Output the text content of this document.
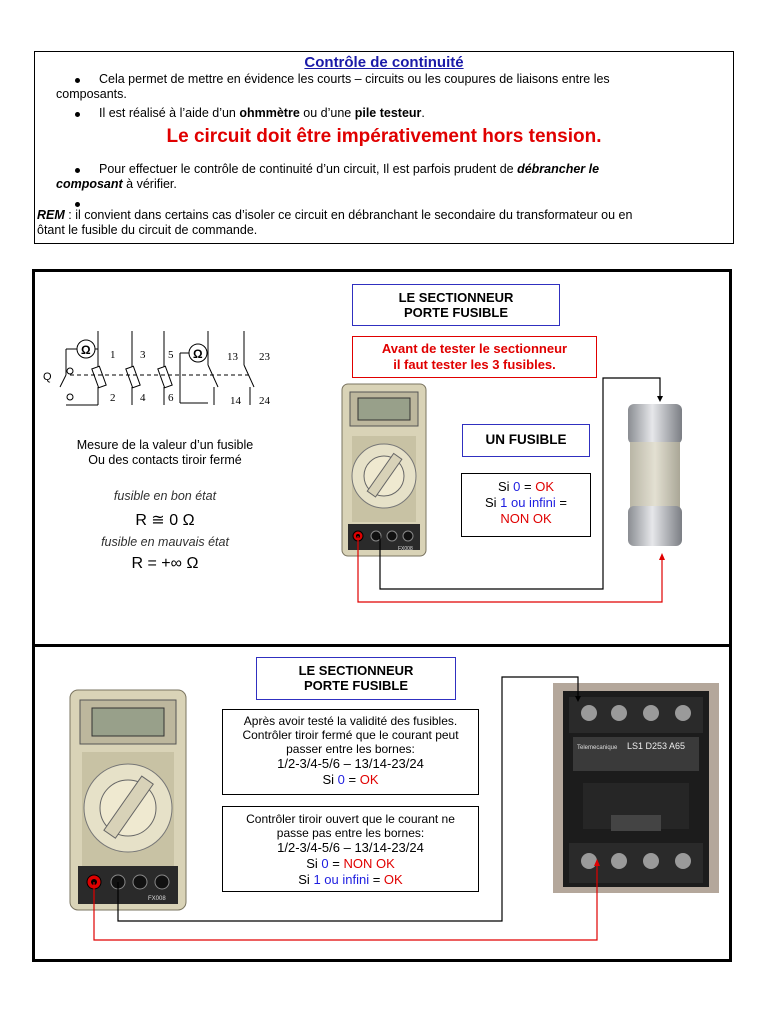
Contrôle de continuité
Cela permet de mettre en évidence les courts – circuits ou les coupures de liaisons entre les
composants.
Il est réalisé à l’aide d’un ohmmètre ou d’une pile testeur.
Le circuit doit être impérativement hors tension.
Pour effectuer le contrôle de continuité d’un circuit, Il est parfois prudent de débrancher le
composant à vérifier.
REM : il convient dans certains cas d’isoler ce circuit en débranchant le secondaire du transformateur ou en
ôtant le fusible du circuit de commande.
Ω	Ω
Q
1
2
3
4
5
6
13
14
23
24
Mesure de la valeur d’un fusible
Ou des contacts tiroir fermé
fusible en bon état
R ≅ 0 Ω
fusible en mauvais état
R = +∞ Ω
LE SECTIONNEUR
PORTE FUSIBLE
Avant de tester le sectionneur
il faut tester les 3 fusibles.
UN FUSIBLE
Si 0 = OK
Si 1 ou infini =
NON OK
FX008
LE SECTIONNEUR
PORTE FUSIBLE
Après avoir testé la validité des fusibles.
Contrôler tiroir fermé que le courant peut
passer entre les bornes:
1/2-3/4-5/6 – 13/14-23/24
Si 0 = OK
Contrôler tiroir ouvert que le courant ne
passe pas entre les bornes:
1/2-3/4-5/6 – 13/14-23/24
Si 0 = NON OK
Si 1 ou infini = OK
FX008
Telemecanique LS1 D253 A65
